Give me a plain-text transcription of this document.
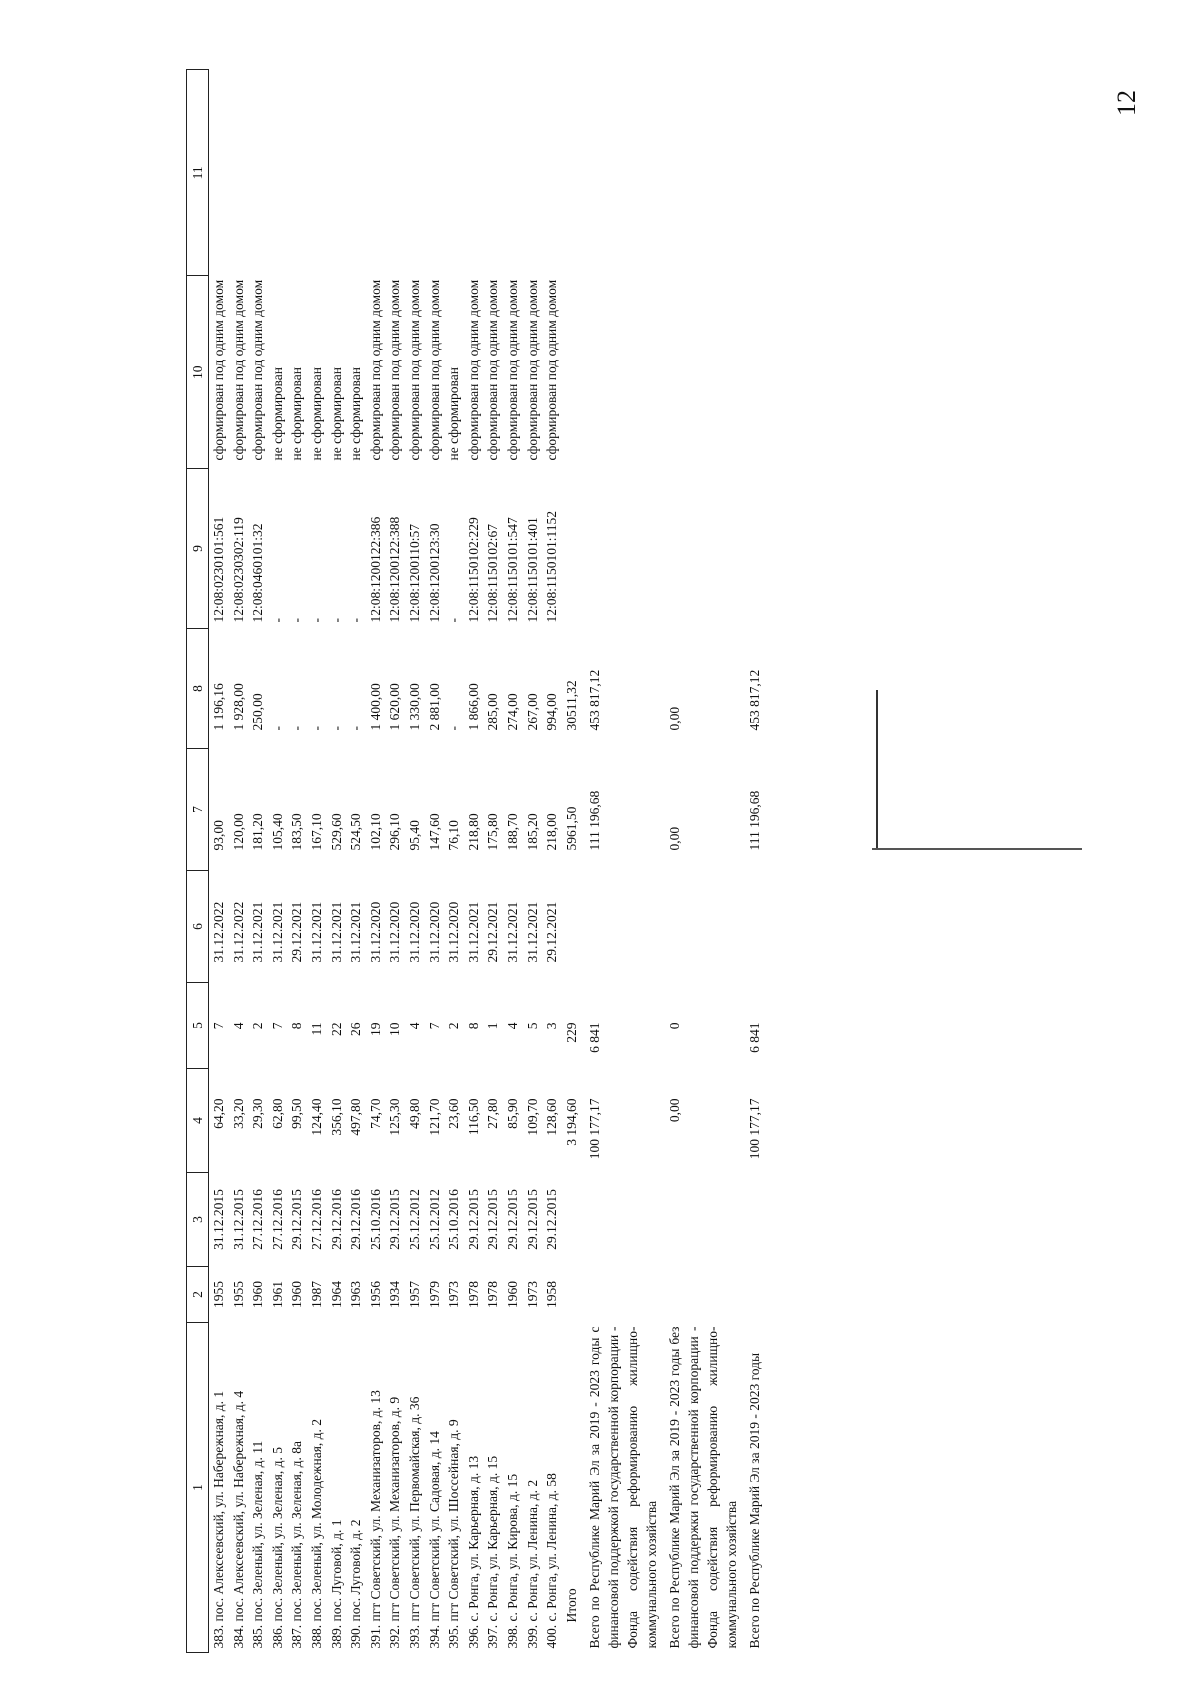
12
1	2	3	4	5	6	7	8	9	10	11
383. пос. Алексеевский, ул. Набережная, д. 1	1955	31.12.2015	64,20	7	31.12.2022	93,00	1 196,16	12:08:0230101:561	сформирован под одним домом	
384. пос. Алексеевский, ул. Набережная, д. 4	1955	31.12.2015	33,20	4	31.12.2022	120,00	1 928,00	12:08:0230302:119	сформирован под одним домом	
385. пос. Зеленый, ул. Зеленая, д. 11	1960	27.12.2016	29,30	2	31.12.2021	181,20	250,00	12:08:0460101:32	сформирован под одним домом	
386. пос. Зеленый, ул. Зеленая, д. 5	1961	27.12.2016	62,80	7	31.12.2021	105,40	-	-	не сформирован	
387. пос. Зеленый, ул. Зеленая, д. 8а	1960	29.12.2015	99,50	8	29.12.2021	183,50	-	-	не сформирован	
388. пос. Зеленый, ул. Молодежная, д. 2	1987	27.12.2016	124,40	11	31.12.2021	167,10	-	-	не сформирован	
389. пос. Луговой, д. 1	1964	29.12.2016	356,10	22	31.12.2021	529,60	-	-	не сформирован	
390. пос. Луговой, д. 2	1963	29.12.2016	497,80	26	31.12.2021	524,50	-	-	не сформирован	
391. пгт Советский, ул. Механизаторов, д. 13	1956	25.10.2016	74,70	19	31.12.2020	102,10	1 400,00	12:08:1200122:386	сформирован под одним домом	
392. пгт Советский, ул. Механизаторов, д. 9	1934	29.12.2015	125,30	10	31.12.2020	296,10	1 620,00	12:08:1200122:388	сформирован под одним домом	
393. пгт Советский, ул. Первомайская, д. 36	1957	25.12.2012	49,80	4	31.12.2020	95,40	1 330,00	12:08:1200110:57	сформирован под одним домом	
394. пгт Советский, ул. Садовая, д. 14	1979	25.12.2012	121,70	7	31.12.2020	147,60	2 881,00	12:08:1200123:30	сформирован под одним домом	
395. пгт Советский, ул. Шоссейная, д. 9	1973	25.10.2016	23,60	2	31.12.2020	76,10	-	-	не сформирован	
396. с. Ронга, ул. Карьерная, д. 13	1978	29.12.2015	116,50	8	31.12.2021	218,80	1 866,00	12:08:1150102:229	сформирован под одним домом	
397. с. Ронга, ул. Карьерная, д. 15	1978	29.12.2015	27,80	1	29.12.2021	175,80	285,00	12:08:1150102:67	сформирован под одним домом	
398. с. Ронга, ул. Кирова, д. 15	1960	29.12.2015	85,90	4	31.12.2021	188,70	274,00	12:08:1150101:547	сформирован под одним домом	
399. с. Ронга, ул. Ленина, д. 2	1973	29.12.2015	109,70	5	31.12.2021	185,20	267,00	12:08:1150101:401	сформирован под одним домом	
400. с. Ронга, ул. Ленина, д. 58	1958	29.12.2015	128,60	3	29.12.2021	218,00	994,00	12:08:1150101:1152	сформирован под одним домом	
Итого			3 194,60	229		5961,50	30511,32			
Всего по Республике Марий Эл за 2019 - 2023 годы с финансовой поддержкой государственной корпорации - Фонда содействия реформированию жилищно-коммунального хозяйства			100 177,17	6 841		111 196,68	453 817,12			
Всего по Республике Марий Эл за 2019 - 2023 годы без финансовой поддержки государственной корпорации - Фонда содействия реформированию жилищно-коммунального хозяйства			0,00	0		0,00	0,00			
Всего по Республике Марий Эл за 2019 - 2023 годы			100 177,17	6 841		111 196,68	453 817,12			
